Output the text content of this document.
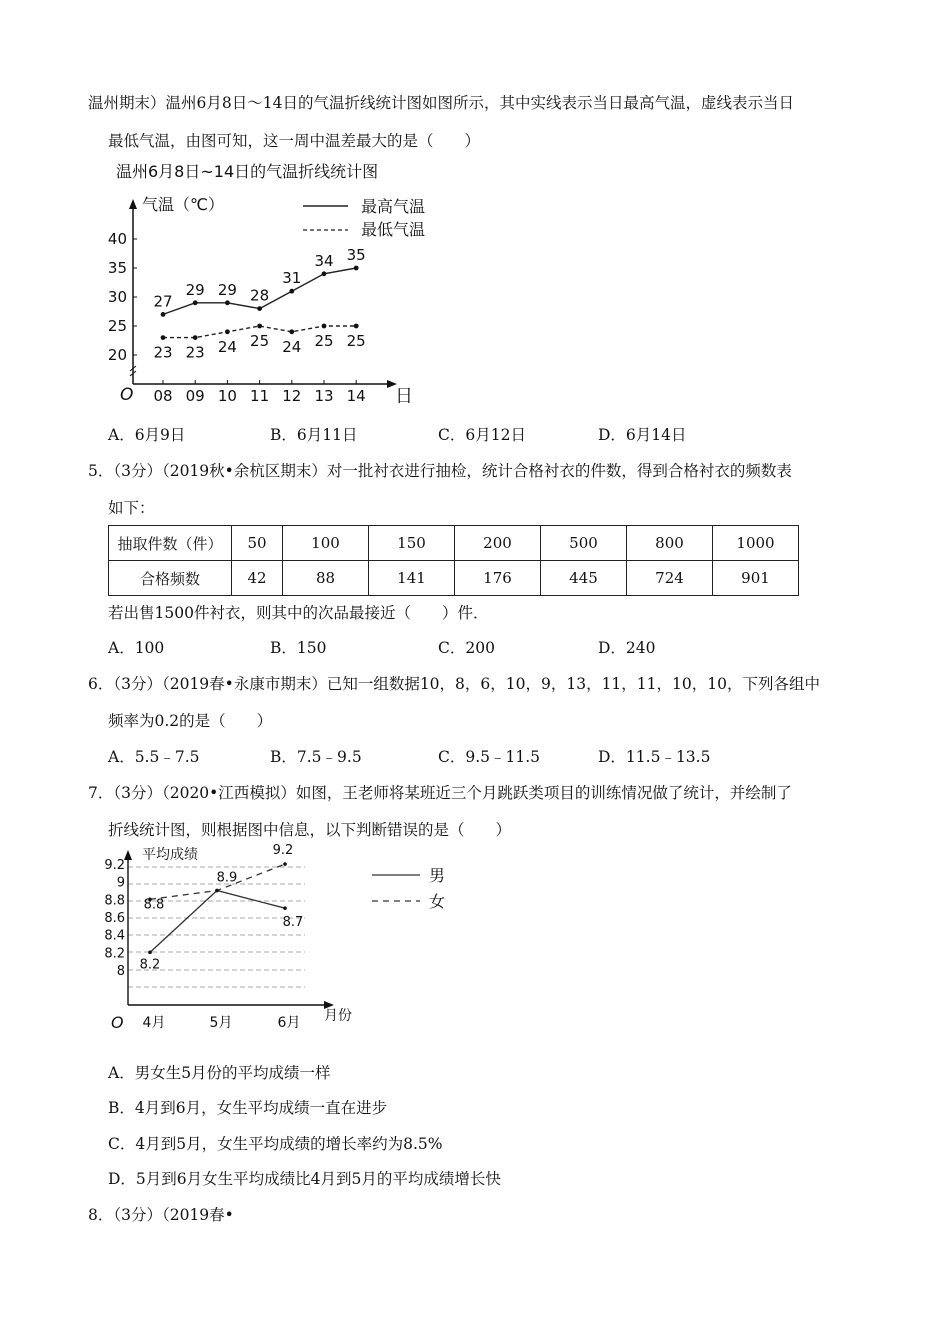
温州期末）温州6月8日～14日的气温折线统计图如图所示，其中实线表示当日最高气温，虚线表示当日
最低气温，由图可知，这一周中温差最大的是（　　）
温州6月8日~14日的气温折线统计图
气温（℃）	最高气温
最低气温
20
25
30
35
40
08 09 10 11 12 13 14
27
29 29 28
31
34 35
23 23 24 25 24 25 25
O	日
A．6月9日	B．6月11日	C．6月12日	D．6月14日
5．（3分）（2019秋•余杭区期末）对一批衬衣进行抽检，统计合格衬衣的件数，得到合格衬衣的频数表
如下：
抽取件数（件）	50	100	150	200	500	800	1000
合格频数	42	88	141	176	445	724	901
若出售1500件衬衣，则其中的次品最接近（　　）件．
A．100	B．150	C．200	D．240
6．（3分）（2019春•永康市期末）已知一组数据10，8，6，10，9，13，11，11，10，10，下列各组中
频率为0.2的是（　　）
A．5.5﹣7.5	B．7.5﹣9.5	C．9.5﹣11.5	D．11.5﹣13.5
7．（3分）（2020•江西模拟）如图，王老师将某班近三个月跳跃类项目的训练情况做了统计，并绘制了
折线统计图，则根据图中信息，以下判断错误的是（　　）
平均成绩
8
8.2
8.4
8.6
8.8
9
9.2
4月	5月	6月
8.2
8.9
8.7
8.8
9.2
男
女
O	月份
A．男女生5月份的平均成绩一样
B．4月到6月，女生平均成绩一直在进步
C．4月到5月，女生平均成绩的增长率约为8.5%
D．5月到6月女生平均成绩比4月到5月的平均成绩增长快
8．（3分）（2019春•
